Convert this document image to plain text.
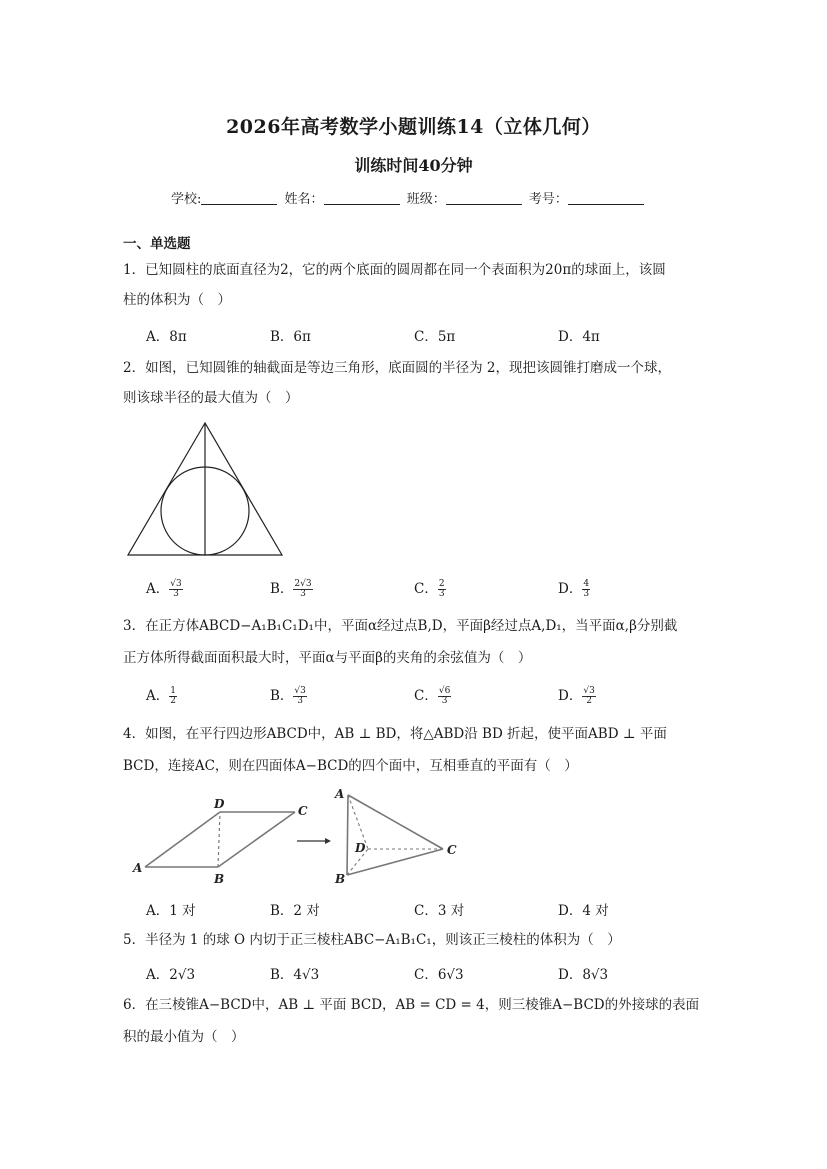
2026年高考数学小题训练14（立体几何）
训练时间40分钟
学校:	姓名：	班级：	考号：
一、单选题
1．已知圆柱的底面直径为2，它的两个底面的圆周都在同一个表面积为20π的球面上，该圆
柱的体积为（　）
A．8π	B．6π	C．5π	D．4π
2．如图，已知圆锥的轴截面是等边三角形，底面圆的半径为 2，现把该圆锥打磨成一个球，
则该球半径的最大值为（　）
A． $\frac{√3}{3}$	B． $\frac{2√3}{3}$	C． $\frac{2}{3}$	D． $\frac{4}{3}$
3．在正方体ABCD−A₁B₁C₁D₁中，平面α经过点B,D，平面β经过点A,D₁，当平面α,β分别截
正方体所得截面面积最大时，平面α与平面β的夹角的余弦值为（　）
A． $\frac{1}{2}$	B． $\frac{√3}{3}$	C． $\frac{√6}{3}$	D． $\frac{√3}{2}$
4．如图，在平行四边形ABCD中，AB ⊥ BD，将△ABD沿 BD 折起，使平面ABD ⊥ 平面
BCD，连接AC，则在四面体A−BCD的四个面中，互相垂直的平面有（　）
A
B
D	C
A
B
D	C
A．1 对	B．2 对	C．3 对	D．4 对
5．半径为 1 的球 O 内切于正三棱柱ABC−A₁B₁C₁，则该正三棱柱的体积为（　）
A．2√3	B．4√3	C．6√3	D．8√3
6．在三棱锥A−BCD中，AB ⊥ 平面 BCD，AB = CD = 4，则三棱锥A−BCD的外接球的表面
积的最小值为（　）
